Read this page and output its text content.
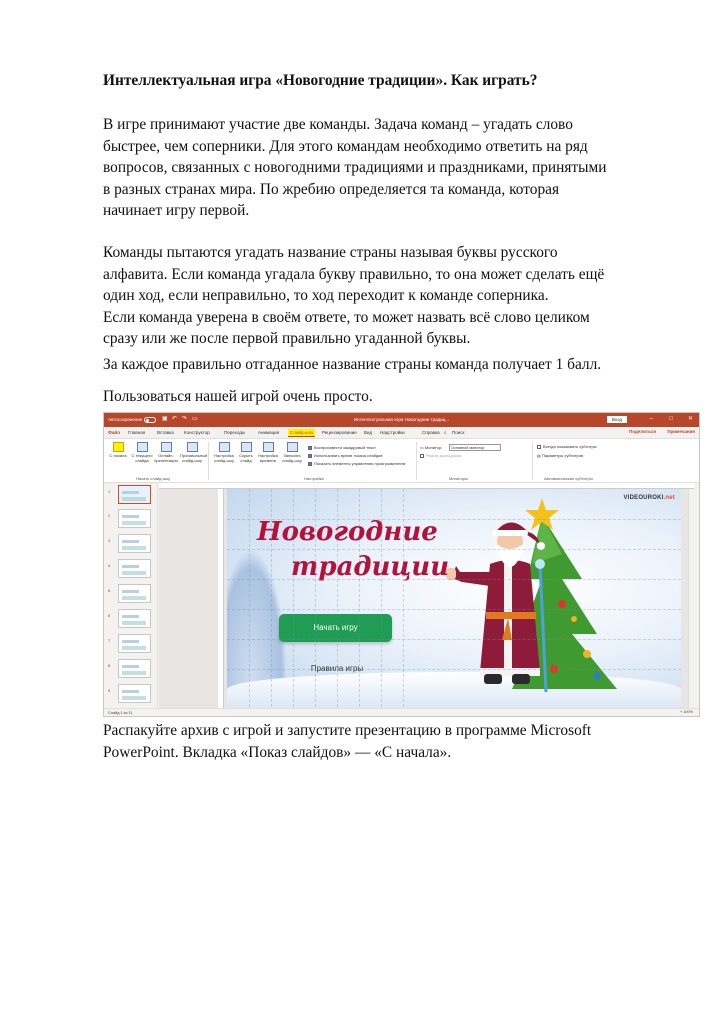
Интеллектуальная игра «Новогодние традиции». Как играть?
В игре принимают участие две команды. Задача команд – угадать слово
быстрее, чем соперники. Для этого командам необходимо ответить на ряд
вопросов, связанных с новогодними традициями и праздниками, принятыми
в разных странах мира. По жребию определяется та команда, которая
начинает игру первой.
Команды пытаются угадать название страны называя буквы русского
алфавита. Если команда угадала букву правильно, то она может сделать ещё
один ход, если неправильно, то ход переходит к команде соперника.
Если команда уверена в своём ответе, то может назвать всё слово целиком
сразу или же после первой правильно угаданной буквы.
За каждое правильно отгаданное название страны команда получает 1 балл.
Пользоваться нашей игрой очень просто.
Автосохранение	▣ ↶ ↷ ▭	Интеллектуальная игра Новогодние традиц...	Вход	–	□ ✕
Файл Главная	Вставка Конструктор	Переходы	Анимация	Слайд-шоу	Рецензирование Вид Надстройки	Справка ⌕ Поиск	Поделиться	Примечания
С начала	С текущего слайда
Онлайн-презентация
Произвольный слайд-шоу
Начать слайд-шоу
Настройка слайд-шоу
Скрыть слайд
Настройка времени
Записать слайд-шоу
Воспроизвести закадровый текст
Использовать время показа слайдов
Показать элементы управления проигрывателем
Настройка
▭ Монитор:	Основной монитор
Режим докладчика
Мониторы
Всегда показывать субтитры
▤ Параметры субтитров
Автоматические субтитры
1
2
3
4
5
6
7
8
9
Новогодние
традиции
Начать игру
Правила игры
VIDEOUROKI.net
Слайд 1 из 11	+ 100%
Распакуйте архив с игрой и запустите презентацию в программе Microsoft
PowerPoint. Вкладка «Показ слайдов» — «С начала».
